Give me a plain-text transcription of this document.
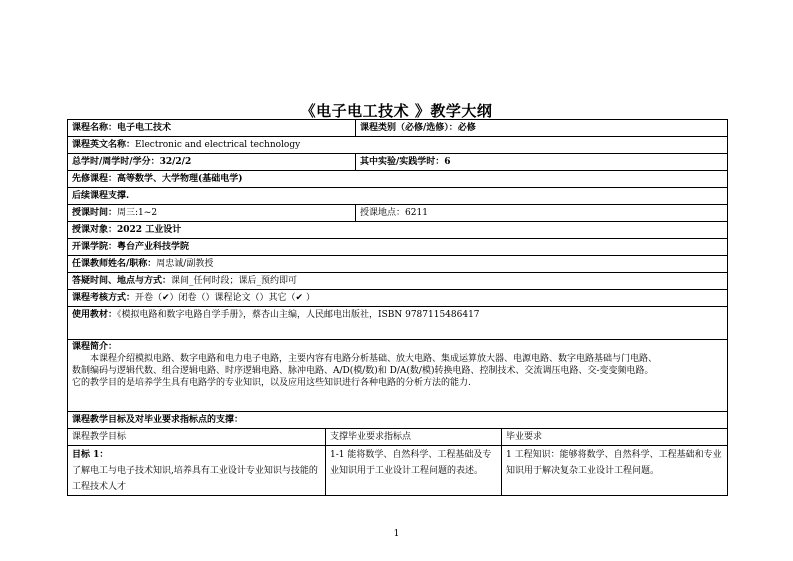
《电子电工技术 》教学大纲
课程名称：电子电工技术		课程类别（必修/选修）：必修	
课程英文名称：Electronic and electrical technology			
总学时/周学时/学分：32/2/2		其中实验/实践学时：6	
先修课程：高等数学、大学物理(基础电学)			
后续课程支撑.			
授课时间：周三:1~2		授课地点：6211	
授课对象：2022 工业设计			
开课学院：粤台产业科技学院			
任课教师姓名/职称：周忠诚/副教授			
答疑时间、地点与方式：课间_任何时段；课后_预约即可			
课程考核方式：开卷（✔）闭卷（）课程论文（）其它（✔ ）			
使用教材：《模拟电路和数字电路自学手册》，蔡杏山主编，人民邮电出版社，ISBN 9787115486417			

课程简介：
本课程介绍模拟电路、数字电路和电力电子电路，主要内容有电路分析基础、放大电路、集成运算放大器、电源电路、数字电路基础与门电路、
数制编码与逻辑代数、组合逻辑电路、时序逻辑电路、脉冲电路、A/D(模/数)和 D/A(数/模)转换电路、控制技术、交流调压电路、交-变变频电路。
它的教学目的是培养学生具有电路学的专业知识，以及应用这些知识进行各种电路的分析方法的能力.			

课程教学目标及对毕业要求指标点的支撑：			
课程教学目标	支撑毕业要求指标点		毕业要求

目标 1：
了解电工与电子技术知识,培养具有工业设计专业知识与技能的工程技术人才	1-1 能将数学、自然科学、工程基础及专业知识用于工业设计工程问题的表述。		1 工程知识：能够将数学、自然科学、工程基础和专业知识用于解决复杂工业设计工程问题。
1
